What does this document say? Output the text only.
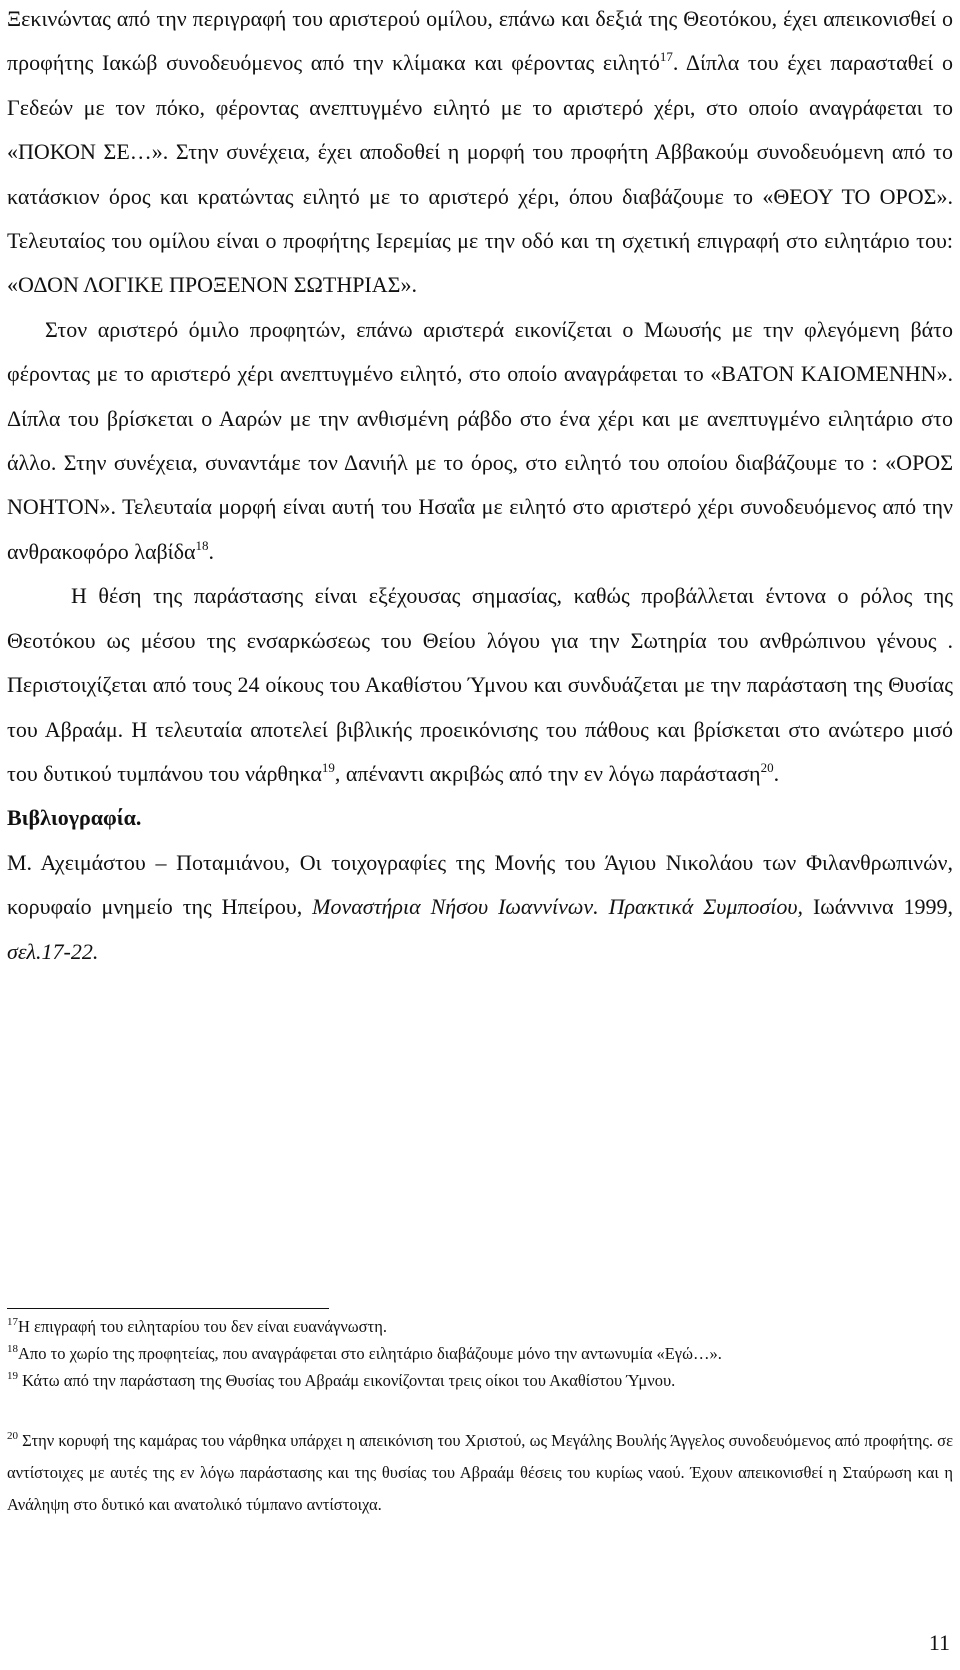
Ξεκινώντας από την περιγραφή του αριστερού ομίλου, επάνω και δεξιά της Θεοτόκου, έχει απεικονισθεί ο προφήτης Ιακώβ συνοδευόμενος από την κλίμακα και φέροντας ειλητό$^{17}$. Δίπλα του έχει παρασταθεί ο Γεδεών με τον πόκο, φέροντας ανεπτυγμένο ειλητό με το αριστερό χέρι, στο οποίο αναγράφεται το «ΠΟΚΟΝ ΣΕ…». Στην συνέχεια, έχει αποδοθεί η μορφή του προφήτη Αββακούμ συνοδευόμενη από το κατάσκιον όρος και κρατώντας ειλητό με το αριστερό χέρι, όπου διαβάζουμε το «ΘΕΟΥ ΤΟ ΟΡΟΣ». Τελευταίος του ομίλου είναι ο προφήτης Ιερεμίας με την οδό και τη σχετική επιγραφή στο ειλητάριο του: «ΟΔΟΝ ΛΟΓΙΚΕ ΠΡΟΞΕΝΟΝ ΣΩΤΗΡΙΑΣ».

Στον αριστερό όμιλο προφητών, επάνω αριστερά εικονίζεται ο Μωυσής με την φλεγόμενη βάτο φέροντας με το αριστερό χέρι ανεπτυγμένο ειλητό, στο οποίο αναγράφεται το «ΒΑΤΟΝ ΚΑΙΟΜΕΝΗΝ». Δίπλα του βρίσκεται ο Ααρών με την ανθισμένη ράβδο στο ένα χέρι και με ανεπτυγμένο ειλητάριο στο άλλο. Στην συνέχεια, συναντάμε τον Δανιήλ με το όρος, στο ειλητό του οποίου διαβάζουμε το : «ΟΡΟΣ ΝΟΗΤΟΝ». Τελευταία μορφή είναι αυτή του Ησαΐα με ειλητό στο αριστερό χέρι συνοδευόμενος από την ανθρακοφόρο λαβίδα$^{18}$.

Η θέση της παράστασης είναι εξέχουσας σημασίας, καθώς προβάλλεται έντονα ο ρόλος της Θεοτόκου ως μέσου της ενσαρκώσεως του Θείου λόγου για την Σωτηρία του ανθρώπινου γένους . Περιστοιχίζεται από τους 24 οίκους του Ακαθίστου Ύμνου και συνδυάζεται με την παράσταση της Θυσίας του Αβραάμ. Η τελευταία αποτελεί βιβλικής προεικόνισης του πάθους και βρίσκεται στο ανώτερο μισό του δυτικού τυμπάνου του νάρθηκα$^{19}$, απέναντι ακριβώς από την εν λόγω παράσταση$^{20}$.

Βιβλιογραφία.

Μ. Αχειμάστου – Ποταμιάνου, Οι τοιχογραφίες της Μονής του Άγιου Νικολάου των Φιλανθρωπινών, κορυφαίο μνημείο της Ηπείρου, Μοναστήρια Νήσου Ιωαννίνων. Πρακτικά Συμποσίου, Ιωάννινα 1999, σελ.17-22.

$^{17}$Η επιγραφή του ειληταρίου του δεν είναι ευανάγνωστη.

$^{18}$Απο το χωρίο της προφητείας, που αναγράφεται στο ειλητάριο διαβάζουμε μόνο την αντωνυμία «Εγώ…».

$^{19}$ Κάτω από την παράσταση της Θυσίας του Αβραάμ εικονίζονται τρεις οίκοι του Ακαθίστου Ύμνου.

$^{20}$ Στην κορυφή της καμάρας του νάρθηκα υπάρχει η απεικόνιση του Χριστού, ως Μεγάλης Βουλής Άγγελος συνοδευόμενος από προφήτης. σε αντίστοιχες με αυτές της εν λόγω παράστασης και της θυσίας του Αβραάμ θέσεις του κυρίως ναού. Έχουν απεικονισθεί η Σταύρωση και η Ανάληψη στο δυτικό και ανατολικό τύμπανο αντίστοιχα.

11
